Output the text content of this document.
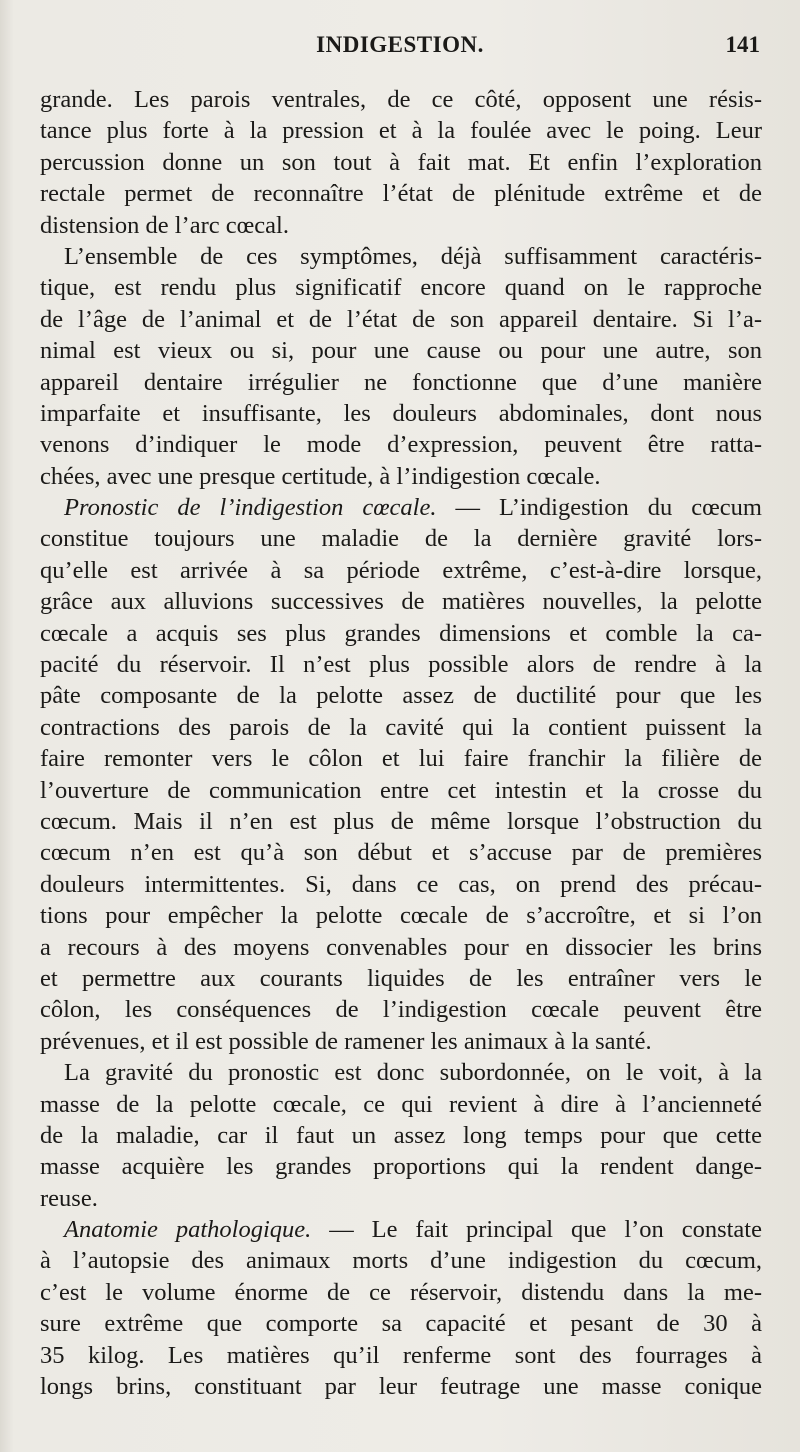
INDIGESTION.	141
grande. Les parois ventrales, de ce côté, opposent une résis-
tance plus forte à la pression et à la foulée avec le poing. Leur
percussion donne un son tout à fait mat. Et enfin l’exploration
rectale permet de reconnaître l’état de plénitude extrême et de
distension de l’arc cœcal.
L’ensemble de ces symptômes, déjà suffisamment caractéris-
tique, est rendu plus significatif encore quand on le rapproche
de l’âge de l’animal et de l’état de son appareil dentaire. Si l’a-
nimal est vieux ou si, pour une cause ou pour une autre, son
appareil dentaire irrégulier ne fonctionne que d’une manière
imparfaite et insuffisante, les douleurs abdominales, dont nous
venons d’indiquer le mode d’expression, peuvent être ratta-
chées, avec une presque certitude, à l’indigestion cœcale.
Pronostic de l’indigestion cœcale. — L’indigestion du cœcum
constitue toujours une maladie de la dernière gravité lors-
qu’elle est arrivée à sa période extrême, c’est-à-dire lorsque,
grâce aux alluvions successives de matières nouvelles, la pelotte
cœcale a acquis ses plus grandes dimensions et comble la ca-
pacité du réservoir. Il n’est plus possible alors de rendre à la
pâte composante de la pelotte assez de ductilité pour que les
contractions des parois de la cavité qui la contient puissent la
faire remonter vers le côlon et lui faire franchir la filière de
l’ouverture de communication entre cet intestin et la crosse du
cœcum. Mais il n’en est plus de même lorsque l’obstruction du
cœcum n’en est qu’à son début et s’accuse par de premières
douleurs intermittentes. Si, dans ce cas, on prend des précau-
tions pour empêcher la pelotte cœcale de s’accroître, et si l’on
a recours à des moyens convenables pour en dissocier les brins
et permettre aux courants liquides de les entraîner vers le
côlon, les conséquences de l’indigestion cœcale peuvent être
prévenues, et il est possible de ramener les animaux à la santé.
La gravité du pronostic est donc subordonnée, on le voit, à la
masse de la pelotte cœcale, ce qui revient à dire à l’ancienneté
de la maladie, car il faut un assez long temps pour que cette
masse acquière les grandes proportions qui la rendent dange-
reuse.
Anatomie pathologique. — Le fait principal que l’on constate
à l’autopsie des animaux morts d’une indigestion du cœcum,
c’est le volume énorme de ce réservoir, distendu dans la me-
sure extrême que comporte sa capacité et pesant de 30 à
35 kilog. Les matières qu’il renferme sont des fourrages à
longs brins, constituant par leur feutrage une masse conique
